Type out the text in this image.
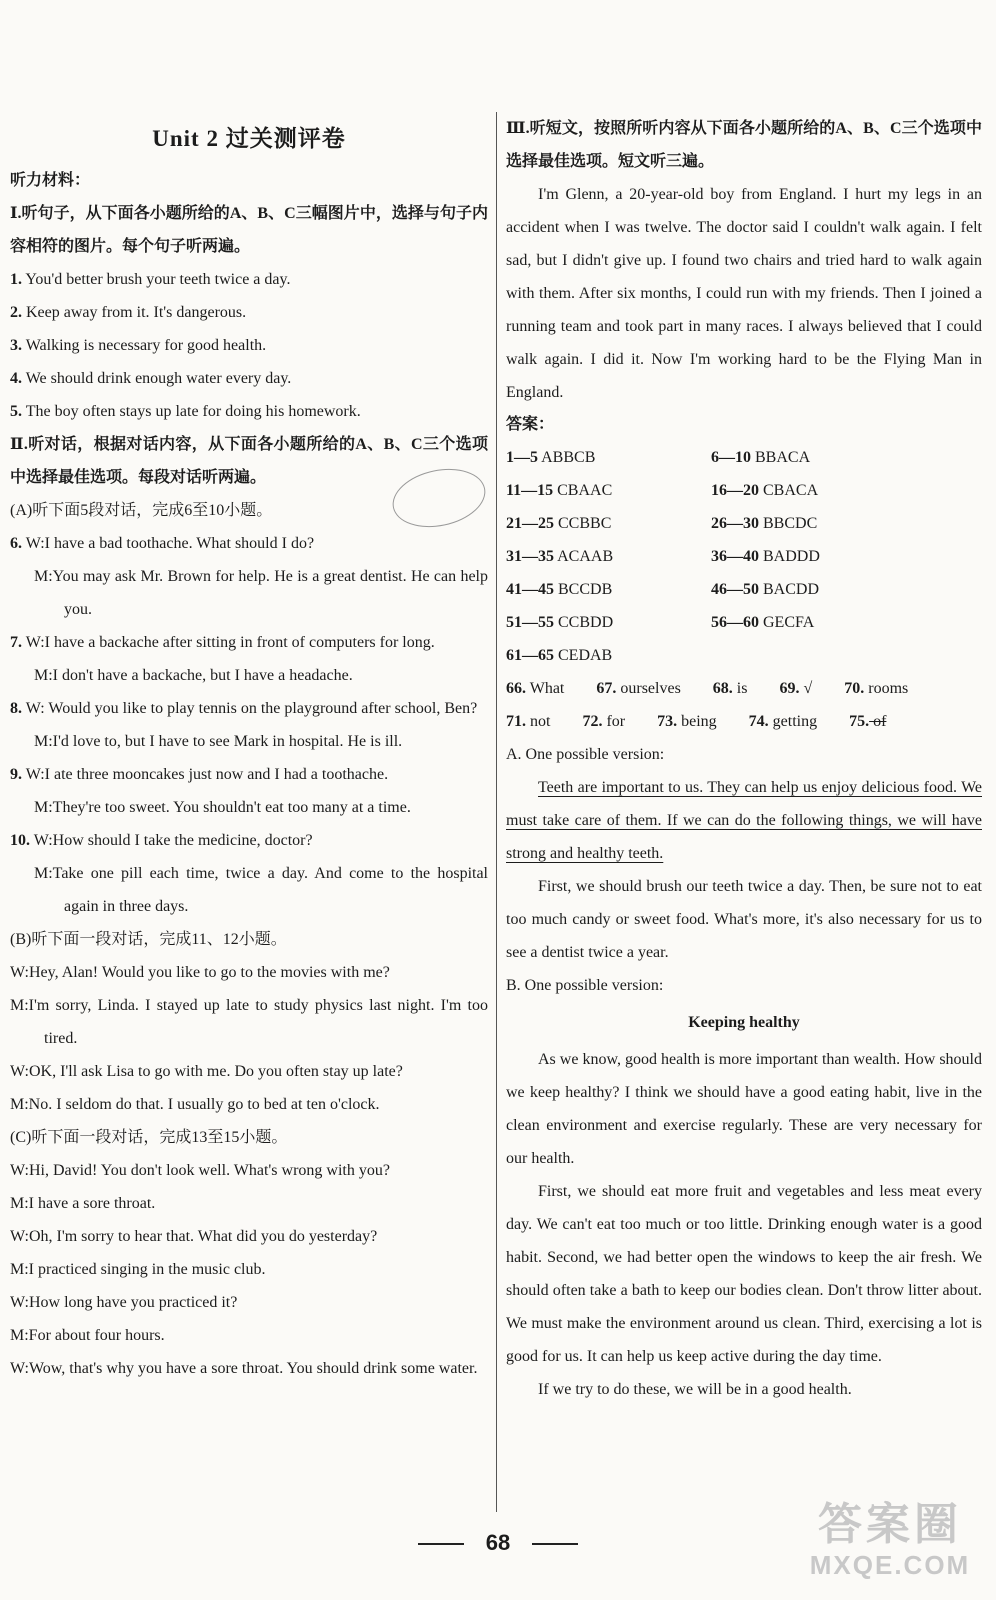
Unit 2 过关测评卷
听力材料：
Ⅰ.听句子，从下面各小题所给的A、B、C三幅图片中，选择与句子内容相符的图片。每个句子听两遍。
1. You'd better brush your teeth twice a day.
2. Keep away from it. It's dangerous.
3. Walking is necessary for good health.
4. We should drink enough water every day.
5. The boy often stays up late for doing his homework.
Ⅱ.听对话，根据对话内容，从下面各小题所给的A、B、C三个选项中选择最佳选项。每段对话听两遍。
(A)听下面5段对话，完成6至10小题。
6. W:I have a bad toothache. What should I do?
M:You may ask Mr. Brown for help. He is a great dentist. He can help you.
7. W:I have a backache after sitting in front of computers for long.
M:I don't have a backache, but I have a headache.
8. W: Would you like to play tennis on the playground after school, Ben?
M:I'd love to, but I have to see Mark in hospital. He is ill.
9. W:I ate three mooncakes just now and I had a toothache.
M:They're too sweet. You shouldn't eat too many at a time.
10. W:How should I take the medicine, doctor?
M:Take one pill each time, twice a day. And come to the hospital again in three days.
(B)听下面一段对话，完成11、12小题。
W:Hey, Alan! Would you like to go to the movies with me?
M:I'm sorry, Linda. I stayed up late to study physics last night. I'm too tired.
W:OK, I'll ask Lisa to go with me. Do you often stay up late?
M:No. I seldom do that. I usually go to bed at ten o'clock.
(C)听下面一段对话，完成13至15小题。
W:Hi, David! You don't look well. What's wrong with you?
M:I have a sore throat.
W:Oh, I'm sorry to hear that. What did you do yesterday?
M:I practiced singing in the music club.
W:How long have you practiced it?
M:For about four hours.
W:Wow, that's why you have a sore throat. You should drink some water.
Ⅲ.听短文，按照所听内容从下面各小题所给的A、B、C三个选项中选择最佳选项。短文听三遍。
I'm Glenn, a 20-year-old boy from England. I hurt my legs in an accident when I was twelve. The doctor said I couldn't walk again. I felt sad, but I didn't give up. I found two chairs and tried hard to walk again with them. After six months, I could run with my friends. Then I joined a running team and took part in many races. I always believed that I could walk again. I did it. Now I'm working hard to be the Flying Man in England.
答案：
1—5 ABBCB	6—10 BBACA
11—15 CBAAC	16—20 CBACA
21—25 CCBBC	26—30 BBCDC
31—35 ACAAB	36—40 BADDD
41—45 BCCDB	46—50 BACDD
51—55 CCBDD	56—60 GECFA
61—65 CEDAB
66. What 67. ourselves 68. is 69. √ 70. rooms
71. not 72. for 73. being 74. getting 75. of
A. One possible version:
Teeth are important to us. They can help us enjoy delicious food. We must take care of them. If we can do the following things, we will have strong and healthy teeth.
First, we should brush our teeth twice a day. Then, be sure not to eat too much candy or sweet food. What's more, it's also necessary for us to see a dentist twice a year.
B. One possible version:
Keeping healthy
As we know, good health is more important than wealth. How should we keep healthy? I think we should have a good eating habit, live in the clean environment and exercise regularly. These are very necessary for our health.
First, we should eat more fruit and vegetables and less meat every day. We can't eat too much or too little. Drinking enough water is a good habit. Second, we had better open the windows to keep the air fresh. We should often take a bath to keep our bodies clean. Don't throw litter about. We must make the environment around us clean. Third, exercising a lot is good for us. It can help us keep active during the day time.
If we try to do these, we will be in a good health.
68	答案圈
MXQE.COM
